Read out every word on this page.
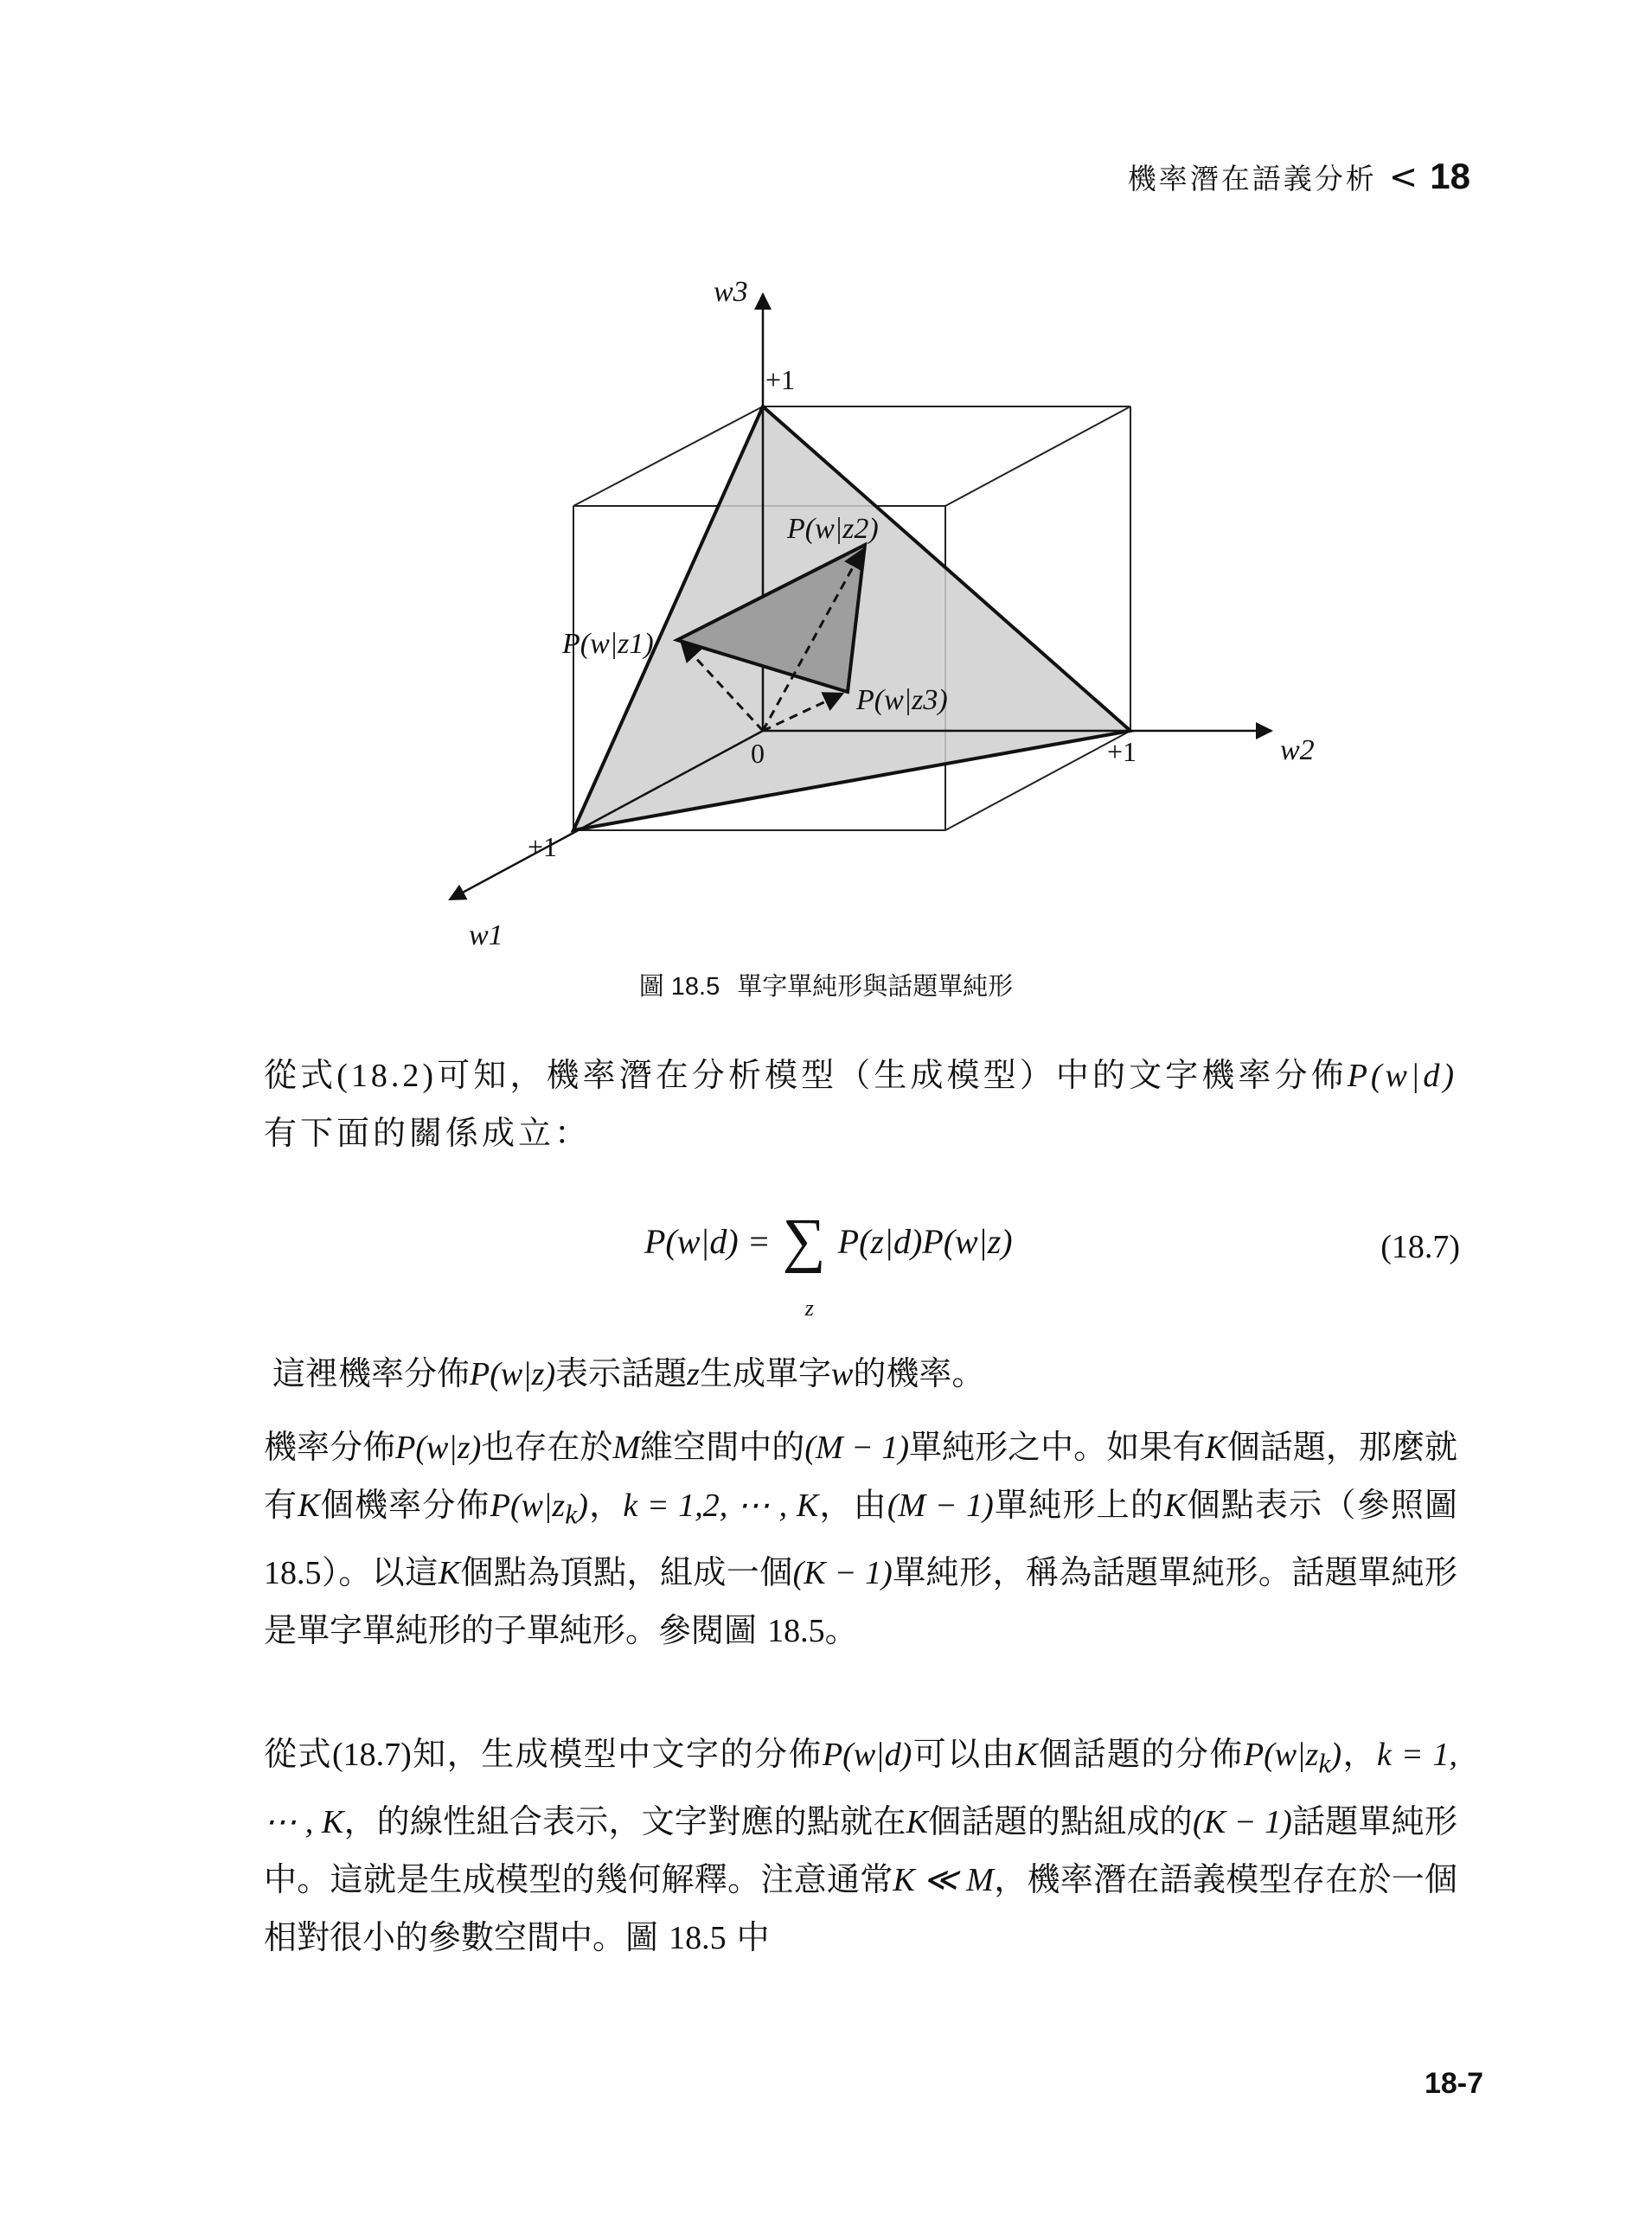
機率潛在語義分析 < 18
w3
w2
w1
+1
+1
+1
0
P(w|z1)
P(w|z2)
P(w|z3)
圖 18.5 單字單純形與話題單純形
從式(18.2)可知，機率潛在分析模型（生成模型）中的文字機率分佈P(w|d)有下面的關係成立：
P(w|d) = ∑
z
P(z|d)P(w|z)	(18.7)
這裡機率分佈P(w|z)表示話題z生成單字w的機率。
機率分佈P(w|z)也存在於M維空間中的(M − 1)單純形之中。如果有K個話題，那麼就有K個機率分佈$P(w|z_k)$，k = 1,2, ⋯ , K，由(M − 1)單純形上的K個點表示（參照圖 18.5）。以這K個點為頂點，組成一個(K − 1)單純形，稱為話題單純形。話題單純形是單字單純形的子單純形。參閱圖 18.5。
從式(18.7)知，生成模型中文字的分佈P(w|d)可以由K個話題的分佈$P(w|z_k)$，k = 1, ⋯ , K，的線性組合表示，文字對應的點就在K個話題的點組成的(K − 1)話題單純形中。這就是生成模型的幾何解釋。注意通常K ≪ M，機率潛在語義模型存在於一個相對很小的參數空間中。圖 18.5 中
18-7
